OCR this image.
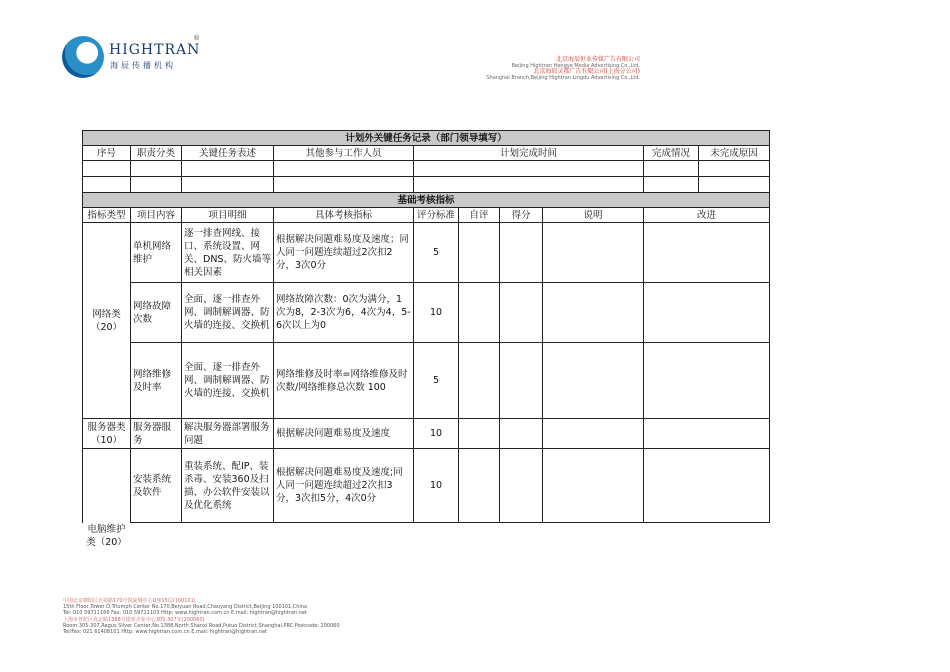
HIGHTRAN
®
海辰传播机构
北京海辰恒业传媒广告有限公司
Beijing Hightran Hengye Media Advertising Co.,Ltd.
北京海辰灵都广告有限公司(上海分公司)
Shanghai Branch,Beijing Hightran Lingdu Advertising Co.,Ltd.
计划外关键任务记录（部门领导填写）									
序号	职责分类	关键任务表述	其他参与工作人员	计划完成时间				完成情况	未完成原因

基础考核指标									
指标类型	项目内容	项目明细	具体考核指标	评分标准	自评	得分	说明	改进	
网络类（20）	单机网络维护	逐一排查网线、接口、系统设置、网关、DNS、防火墙等相关因素	根据解决问题难易度及速度；同人同一问题连续超过2次扣2分，3次0分	5					
	网络故障次数	全面、逐一排查外网、调制解调器、防火墙的连接、交换机	网络故障次数：0次为满分，1次为8，2-3次为6，4次为4，5-6次以上为0	10					
	网络维修及时率	全面、逐一排查外网、调制解调器、防火墙的连接、交换机	网络维修及时率=网络维修及时次数/网络维修总次数 100	5					
服务器类（10）	服务器服务	解决服务器部署服务问题	根据解决问题难易度及速度	10					

电脑维护类（20）	安装系统及软件	重装系统、配IP、装杀毒、安装360及扫描、办公软件安装以及优化系统	根据解决问题难易度及速度;同人同一问题连续超过2次扣3分，3次扣5分，4次0分	10					
中国北京朝阳区北苑路170号凯旋城中心D座15层(100101)
15th Floor,Tower D,Triumph Center No.170,Beiyuan Road,Chaoyang District,Beijing 100101,China
Tel: 010 59711166 Fax: 010 59711103 Http: www.hightran.com.cn E.mail: hightran@hightran.net
上海市普陀区真北路1388号银座企业中心305-307室(200060)
Room 305-307,Regus Silver Center,No.1388,North Shanxi Road,Putuo District,Shanghai,PRC Postcode: 200060
Tel/Fax: 021 61408101 Http: www.hightran.com.cn E.mail: hightran@hightran.net
